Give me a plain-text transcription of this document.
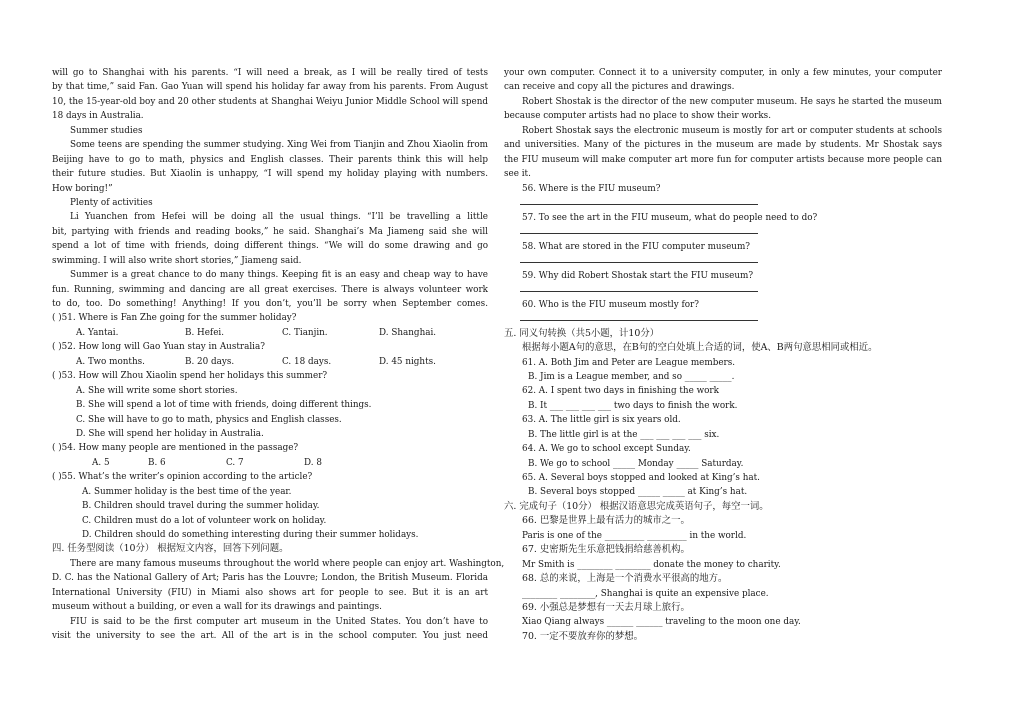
will go to Shanghai with his parents. “I will need a break, as I will be really tired of tests
by that time,” said Fan. Gao Yuan will spend his holiday far away from his parents. From August
10, the 15-year-old boy and 20 other students at Shanghai Weiyu Junior Middle School will spend
18 days in Australia.
Summer studies
Some teens are spending the summer studying. Xing Wei from Tianjin and Zhou Xiaolin from
Beijing have to go to math, physics and English classes. Their parents think this will help
their future studies. But Xiaolin is unhappy, “I will spend my holiday playing with numbers.
How boring!”
Plenty of activities
Li Yuanchen from Hefei will be doing all the usual things. “I’ll be travelling a little
bit, partying with friends and reading books,” he said. Shanghai’s Ma Jiameng said she will
spend a lot of time with friends, doing different things. “We will do some drawing and go
swimming. I will also write short stories,” Jiameng said.
Summer is a great chance to do many things. Keeping fit is an easy and cheap way to have
fun. Running, swimming and dancing are all great exercises. There is always volunteer work
to do, too. Do something! Anything! If you don’t, you’ll be sorry when September comes.
( )51. Where is Fan Zhe going for the summer holiday?
A. Yantai.	B. Hefei.	C. Tianjin.	D. Shanghai.
( )52. How long will Gao Yuan stay in Australia?
A. Two months.	B. 20 days.	C. 18 days.	D. 45 nights.
( )53. How will Zhou Xiaolin spend her holidays this summer?
A. She will write some short stories.
B. She will spend a lot of time with friends, doing different things.
C. She will have to go to math, physics and English classes.
D. She will spend her holiday in Australia.
( )54. How many people are mentioned in the passage?
A. 5	B. 6	C. 7	D. 8
( )55. What’s the writer’s opinion according to the article?
A. Summer holiday is the best time of the year.
B. Children should travel during the summer holiday.
C. Children must do a lot of volunteer work on holiday.
D. Children should do something interesting during their summer holidays.
四. 任务型阅读（10分） 根据短文内容，回答下列问题。
There are many famous museums throughout the world where people can enjoy art. Washington,
D. C. has the National Gallery of Art; Paris has the Louvre; London, the British Museum. Florida
International University (FIU) in Miami also shows art for people to see. But it is an art
museum without a building, or even a wall for its drawings and paintings.
FIU is said to be the first computer art museum in the United States. You don’t have to
visit the university to see the art. All of the art is in the school computer. You just need
your own computer. Connect it to a university computer, in only a few minutes, your computer
can receive and copy all the pictures and drawings.
Robert Shostak is the director of the new computer museum. He says he started the museum
because computer artists had no place to show their works.
Robert Shostak says the electronic museum is mostly for art or computer students at schools
and universities. Many of the pictures in the museum are made by students. Mr Shostak says
the FIU museum will make computer art more fun for computer artists because more people can
see it.
56. Where is the FIU museum?
57. To see the art in the FIU museum, what do people need to do?
58. What are stored in the FIU computer museum?
59. Why did Robert Shostak start the FIU museum?
60. Who is the FIU museum mostly for?
五. 同义句转换（共5小题，计10分）
根据每小题A句的意思，在B句的空白处填上合适的词，使A、B两句意思相同或相近。
61. A. Both Jim and Peter are League members.
B. Jim is a League member, and so _____ _____.
62. A. I spent two days in finishing the work
B. It ___ ___ ___ ___ two days to finish the work.
63. A. The little girl is six years old.
B. The little girl is at the ___ ___ ___ ___ six.
64. A. We go to school except Sunday.
B. We go to school _____ Monday _____ Saturday.
65. A. Several boys stopped and looked at King’s hat.
B. Several boys stopped _____ _____ at King’s hat.
六. 完成句子（10分） 根据汉语意思完成英语句子，每空一词。
66. 巴黎是世界上最有活力的城市之一。
Paris is one of the _________ _________ in the world.
67. 史密斯先生乐意把钱捐给慈善机构。
Mr Smith is ________ ________ donate the money to charity.
68. 总的来说，上海是一个消费水平很高的地方。
________ ________, Shanghai is quite an expensive place.
69. 小强总是梦想有一天去月球上旅行。
Xiao Qiang always ______ ______ traveling to the moon one day.
70. 一定不要放弃你的梦想。
